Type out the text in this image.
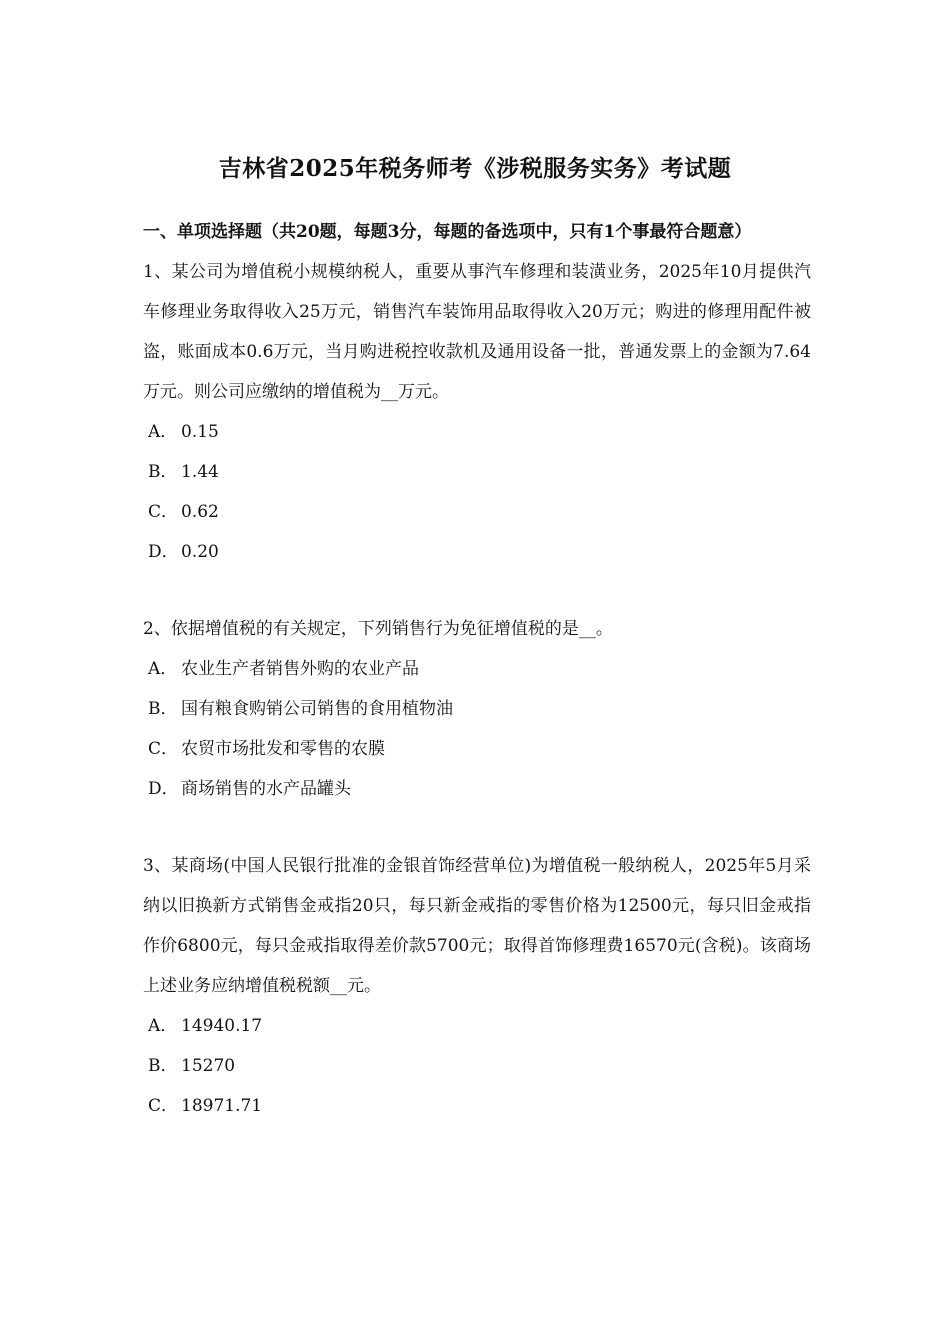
吉林省2025年税务师考《涉税服务实务》考试题

一、单项选择题（共20题，每题3分，每题的备选项中，只有1个事最符合题意）

1、某公司为增值税小规模纳税人，重要从事汽车修理和装潢业务，2025年10月提供汽车修理业务取得收入25万元，销售汽车装饰用品取得收入20万元；购进的修理用配件被盗，账面成本0.6万元，当月购进税控收款机及通用设备一批，普通发票上的金额为7.64万元。则公司应缴纳的增值税为__万元。

A． 0.15
B． 1.44
C． 0.62
D． 0.20

2、依据增值税的有关规定，下列销售行为免征增值税的是__。

A． 农业生产者销售外购的农业产品
B． 国有粮食购销公司销售的食用植物油
C． 农贸市场批发和零售的农膜
D． 商场销售的水产品罐头

3、某商场(中国人民银行批准的金银首饰经营单位)为增值税一般纳税人，2025年5月采纳以旧换新方式销售金戒指20只，每只新金戒指的零售价格为12500元，每只旧金戒指作价6800元，每只金戒指取得差价款5700元；取得首饰修理费16570元(含税)。该商场上述业务应纳增值税税额__元。

A． 14940.17
B． 15270
C． 18971.71
